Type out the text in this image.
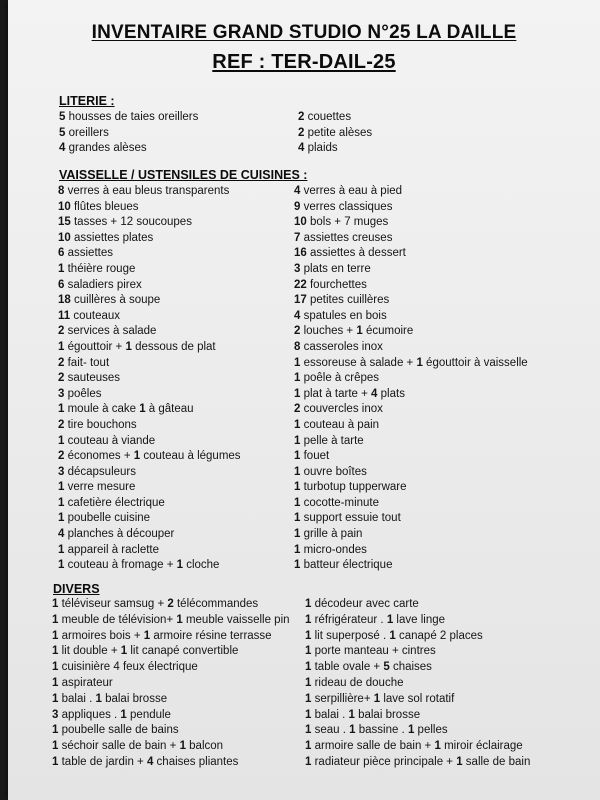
INVENTAIRE GRAND STUDIO N°25 LA DAILLE
REF : TER-DAIL-25
LITERIE :
5 housses de taies oreillers
5 oreillers
4 grandes alèses
2 couettes
2 petite alèses
4 plaids
VAISSELLE / USTENSILES DE CUISINES :
8 verres à eau bleus transparents
10 flûtes bleues
15 tasses + 12 soucoupes
10 assiettes plates
6 assiettes
1 théière rouge
6 saladiers pirex
18 cuillères à soupe
11 couteaux
2 services à salade
1 égouttoir + 1 dessous de plat
2 fait- tout
2 sauteuses
3 poêles
1 moule à cake 1 à gâteau
2 tire bouchons
1 couteau à viande
2 économes + 1 couteau à légumes
3 décapsuleurs
1 verre mesure
1 cafetière électrique
1 poubelle cuisine
4 planches à découper
1 appareil à raclette
1 couteau à fromage + 1 cloche
4 verres à eau à pied
9 verres classiques
10 bols + 7 muges
7 assiettes creuses
16 assiettes à dessert
3 plats en terre
22 fourchettes
17 petites cuillères
4 spatules en bois
2 louches + 1 écumoire
8 casseroles inox
1 essoreuse à salade + 1 égouttoir à vaisselle
1 poêle à crêpes
1 plat à tarte + 4 plats
2 couvercles inox
1 couteau à pain
1 pelle à tarte
1 fouet
1 ouvre boîtes
1 turbotup tupperware
1 cocotte-minute
1 support essuie tout
1 grille à pain
1 micro-ondes
1 batteur électrique
DIVERS
1 téléviseur samsug + 2 télécommandes
1 meuble de télévision+ 1 meuble vaisselle pin
1 armoires bois + 1 armoire résine terrasse
1 lit double + 1 lit canapé convertible
1 cuisinière 4 feux électrique
1 aspirateur
1 balai . 1 balai brosse
3 appliques . 1 pendule
1 poubelle salle de bains
1 séchoir salle de bain + 1 balcon
1 table de jardin + 4 chaises pliantes
1 décodeur avec carte
1 réfrigérateur . 1 lave linge
1 lit superposé . 1 canapé 2 places
1 porte manteau + cintres
1 table ovale + 5 chaises
1 rideau de douche
1 serpillière+ 1 lave sol rotatif
1 balai . 1 balai brosse
1 seau . 1 bassine . 1 pelles
1 armoire salle de bain + 1 miroir éclairage
1 radiateur pièce principale + 1 salle de bain
